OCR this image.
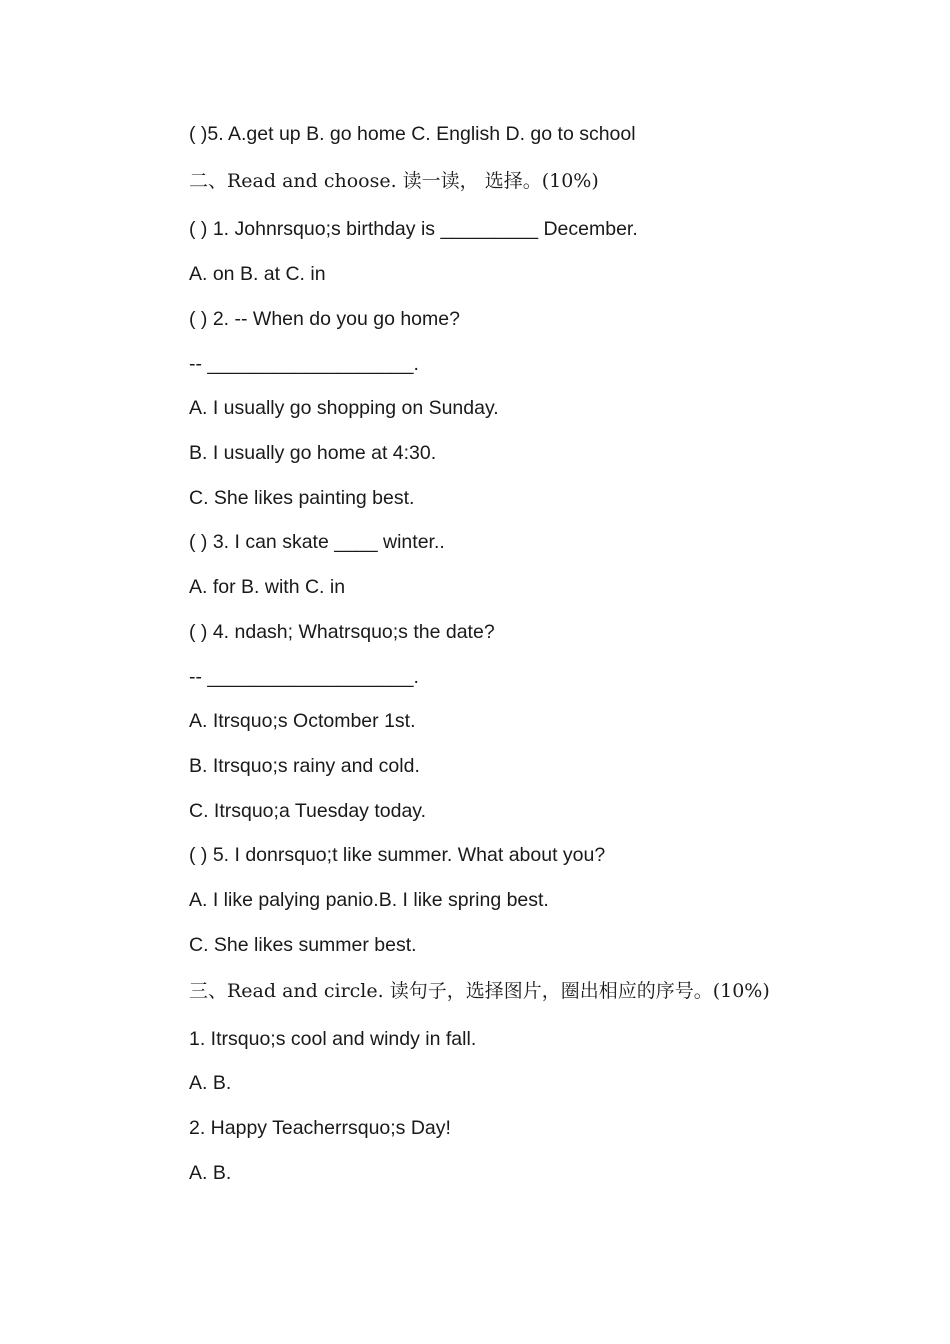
( )5. A.get up B. go home C. English D. go to school
二、Read and choose. 读一读， 选择。(10%)
( ) 1. Johnrsquo;s birthday is _________ December.
A. on B. at C. in
( ) 2. -- When do you go home?
-- ___________________.
A. I usually go shopping on Sunday.
B. I usually go home at 4:30.
C. She likes painting best.
( ) 3. I can skate ____ winter..
A. for B. with C. in
( ) 4. ndash; Whatrsquo;s the date?
-- ___________________.
A. Itrsquo;s Octomber 1st.
B. Itrsquo;s rainy and cold.
C. Itrsquo;a Tuesday today.
( ) 5. I donrsquo;t like summer. What about you?
A. I like palying panio.B. I like spring best.
C. She likes summer best.
三、Read and circle. 读句子，选择图片，圈出相应的序号。(10%)
1. Itrsquo;s cool and windy in fall.
A. B.
2. Happy Teacherrsquo;s Day!
A. B.
